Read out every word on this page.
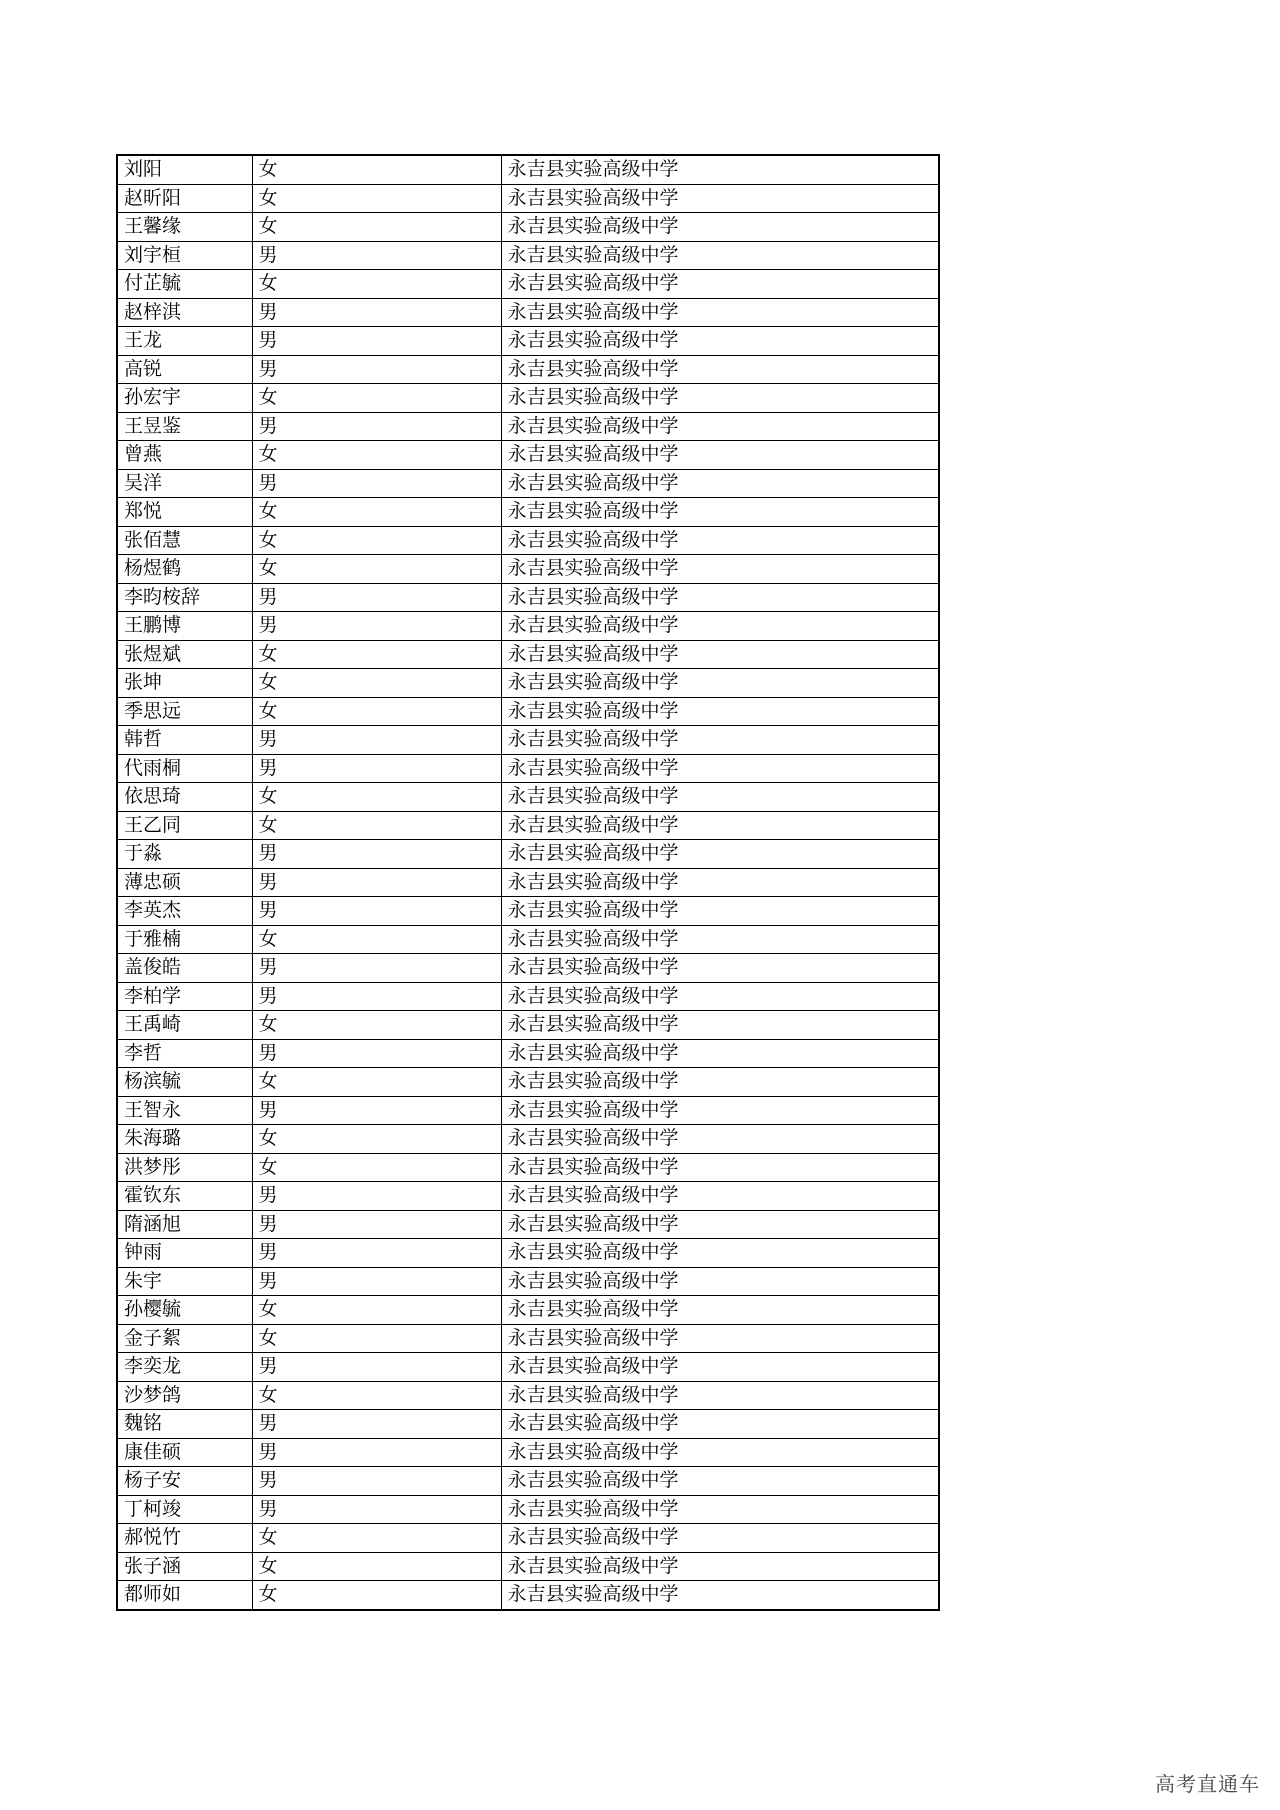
刘阳	女	永吉县实验高级中学
赵昕阳	女	永吉县实验高级中学
王馨缘	女	永吉县实验高级中学
刘宇桓	男	永吉县实验高级中学
付芷毓	女	永吉县实验高级中学
赵梓淇	男	永吉县实验高级中学
王龙	男	永吉县实验高级中学
高锐	男	永吉县实验高级中学
孙宏宇	女	永吉县实验高级中学
王昱鉴	男	永吉县实验高级中学
曾燕	女	永吉县实验高级中学
吴洋	男	永吉县实验高级中学
郑悦	女	永吉县实验高级中学
张佰慧	女	永吉县实验高级中学
杨煜鹤	女	永吉县实验高级中学
李昀桉辞	男	永吉县实验高级中学
王鹏博	男	永吉县实验高级中学
张煜斌	女	永吉县实验高级中学
张坤	女	永吉县实验高级中学
季思远	女	永吉县实验高级中学
韩哲	男	永吉县实验高级中学
代雨桐	男	永吉县实验高级中学
依思琦	女	永吉县实验高级中学
王乙同	女	永吉县实验高级中学
于淼	男	永吉县实验高级中学
薄忠硕	男	永吉县实验高级中学
李英杰	男	永吉县实验高级中学
于雅楠	女	永吉县实验高级中学
盖俊皓	男	永吉县实验高级中学
李柏学	男	永吉县实验高级中学
王禹崎	女	永吉县实验高级中学
李哲	男	永吉县实验高级中学
杨滨毓	女	永吉县实验高级中学
王智永	男	永吉县实验高级中学
朱海璐	女	永吉县实验高级中学
洪梦彤	女	永吉县实验高级中学
霍钦东	男	永吉县实验高级中学
隋涵旭	男	永吉县实验高级中学
钟雨	男	永吉县实验高级中学
朱宇	男	永吉县实验高级中学
孙樱毓	女	永吉县实验高级中学
金子絮	女	永吉县实验高级中学
李奕龙	男	永吉县实验高级中学
沙梦鸽	女	永吉县实验高级中学
魏铭	男	永吉县实验高级中学
康佳硕	男	永吉县实验高级中学
杨子安	男	永吉县实验高级中学
丁柯竣	男	永吉县实验高级中学
郝悦竹	女	永吉县实验高级中学
张子涵	女	永吉县实验高级中学
都师如	女	永吉县实验高级中学
高考直通车
